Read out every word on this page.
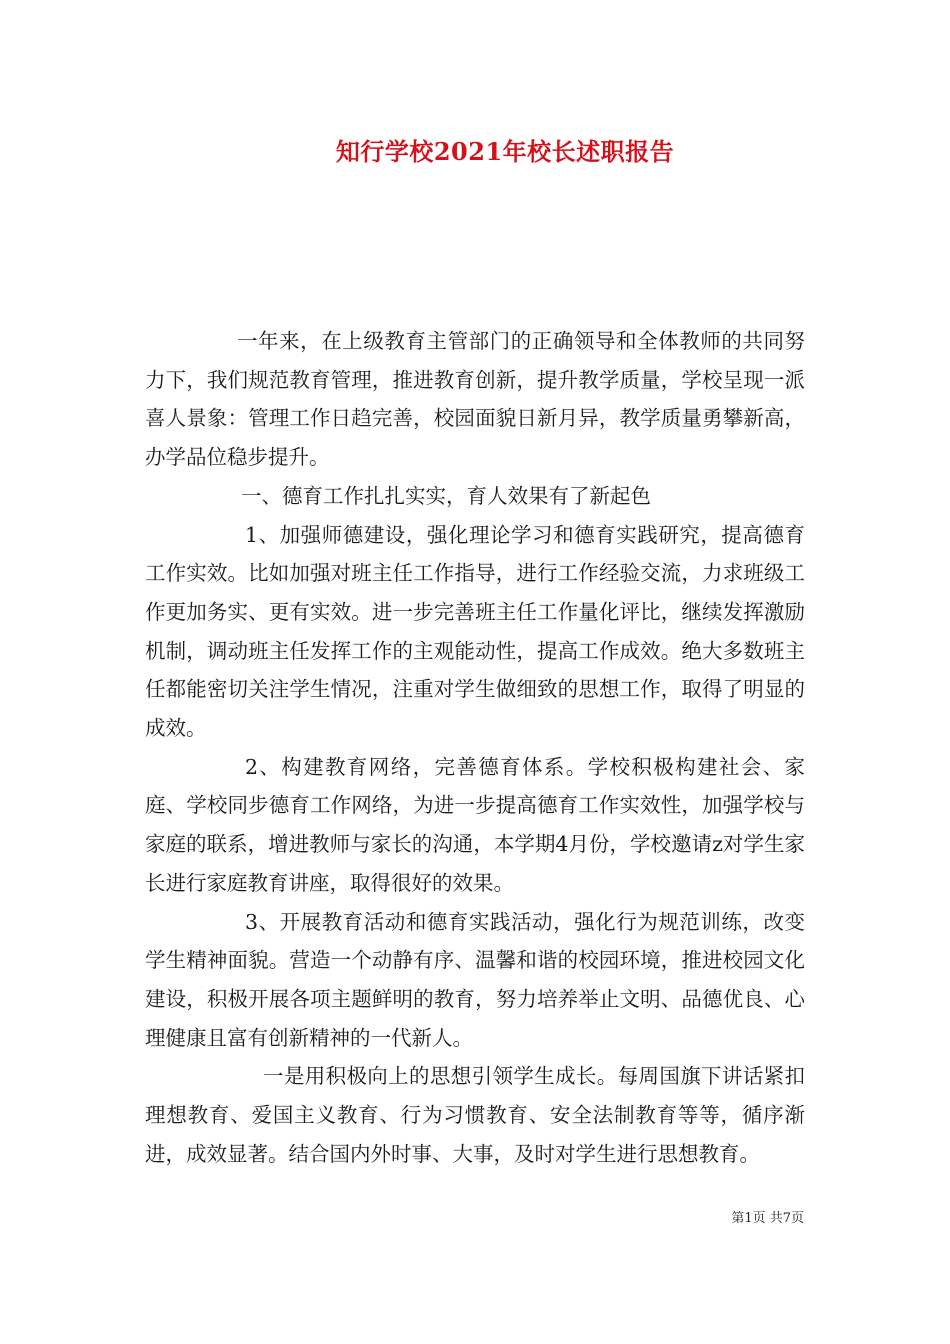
知行学校2021年校长述职报告

一年来，在上级教育主管部门的正确领导和全体教师的共同努力下，我们规范教育管理，推进教育创新，提升教学质量，学校呈现一派喜人景象：管理工作日趋完善，校园面貌日新月异，教学质量勇攀新高，办学品位稳步提升。

一、德育工作扎扎实实，育人效果有了新起色

1、加强师德建设，强化理论学习和德育实践研究，提高德育工作实效。比如加强对班主任工作指导，进行工作经验交流，力求班级工作更加务实、更有实效。进一步完善班主任工作量化评比，继续发挥激励机制，调动班主任发挥工作的主观能动性，提高工作成效。绝大多数班主任都能密切关注学生情况，注重对学生做细致的思想工作，取得了明显的成效。

2、构建教育网络，完善德育体系。学校积极构建社会、家庭、学校同步德育工作网络，为进一步提高德育工作实效性，加强学校与家庭的联系，增进教师与家长的沟通，本学期4月份，学校邀请z对学生家长进行家庭教育讲座，取得很好的效果。

3、开展教育活动和德育实践活动，强化行为规范训练，改变学生精神面貌。营造一个动静有序、温馨和谐的校园环境，推进校园文化建设，积极开展各项主题鲜明的教育，努力培养举止文明、品德优良、心理健康且富有创新精神的一代新人。

一是用积极向上的思想引领学生成长。每周国旗下讲话紧扣理想教育、爱国主义教育、行为习惯教育、安全法制教育等等，循序渐进，成效显著。结合国内外时事、大事，及时对学生进行思想教育。

第1页 共7页
